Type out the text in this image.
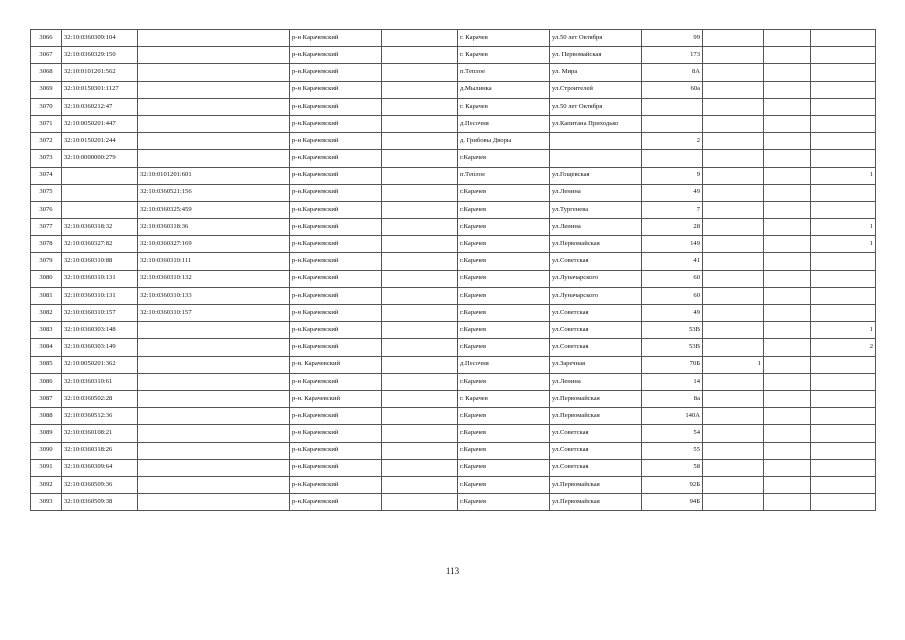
3066	32:10:0360309:104		р-н Карачевский		г. Карачев	ул.50 лет Октября	99			
3067	32:10:0360329:150		р-н.Карачевский		г. Карачев	ул. Первомайская	173			
3068	32:10:0101201:562		р-н.Карачевский		п.Теплое	ул. Мира	8А			
3069	32:10:0150301:1127		р-н Карачевский		д.Мылинка	ул.Строителей	60а			
3070	32:10:0360212:47		р-н.Карачевский		г. Карачев	ул.50 лет Октября				
3071	32:10:0050201:447		р-н.Карачевский		д.Песочня	ул.Капитана Приходько				
3072	32:10:0150201:244		р-н Карачевский		д. Грибовы Дворы		2			
3073	32:10:0000000:279		р-н.Карачевский		г.Карачев					
3074		32:10:0101201:601	р-н.Карачевский		п.Теплое	ул.Гощевская	9			1
3075		32:10:0360521:156	р-н.Карачевский		г.Карачев	ул.Ленина	49			
3076		32:10:0360325:459	р-н.Карачевский		г.Карачев	ул.Тургенева	7			
3077	32:10:0360318:32	32:10:0360318:36	р-н.Карачевский		г.Карачев	ул.Ленина	28			1
3078	32:10:0360327:82	32:10:0360327:169	р-н.Карачевский		г.Карачев	ул.Первомайская	149			1
3079	32:10:0360310:88	32:10:0360310:111	р-н.Карачевский		г.Карачев	ул.Советская	41			
3080	32:10:0360310:131	32:10:0360310:132	р-н.Карачевский		г.Карачев	ул.Луначарского	60			
3081	32:10:0360310:131	32:10:0360310:133	р-н.Карачевский		г.Карачев	ул.Луначарского	60			
3082	32:10:0360310:157	32:10:0360310:157	р-н Карачевский		г.Карачев	ул.Советская	49			
3083	32:10:0360303:148		р-н.Карачевский		г.Карачев	ул.Советская	53В			1
3084	32:10:0360303:149		р-н.Карачевский		г.Карачев	ул.Советская	53В			2
3085	32:10:0050201:362		р-н. Карачевский		д.Песочня	ул.Заречная	70Б	1		
3086	32:10:0360310:61		р-н Карачевский		г.Карачев	ул.Ленина	14			
3087	32:10:0360502:28		р-н. Карачевский		г. Карачев	ул.Первомайская	8а			
3088	32:10:0360512:36		р-н.Карачевский		г.Карачев	ул.Первомайская	140А			
3089	32:10:0360108:21		р-н Карачевский		г.Карачев	ул.Советская	54			
3090	32:10:0360318:26		р-н.Карачевский		г.Карачев	ул.Советская	55			
3091	32:10:0360309:64		р-н.Карачевский		г.Карачев	ул.Советская	58			
3092	32:10:0360509:36		р-н.Карачевский		г.Карачев	ул.Первомайская	92Б			
3093	32:10:0360509:38		р-н.Карачевский		г.Карачев	ул.Первомайская	94Б			
113
